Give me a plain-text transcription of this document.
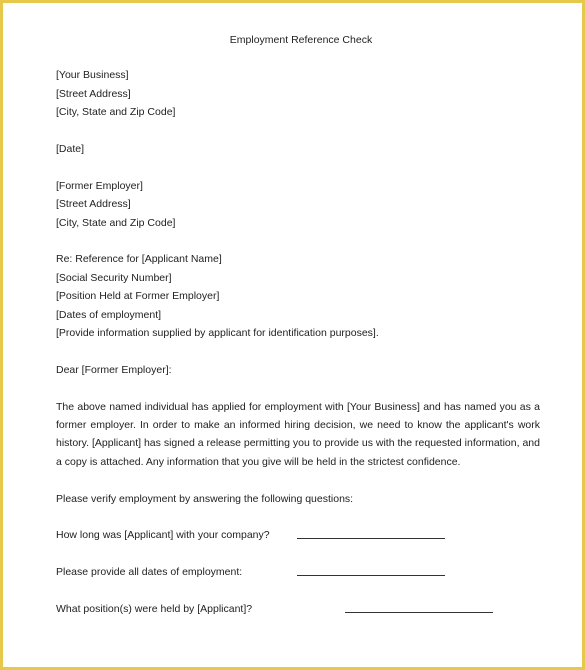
Employment Reference Check
[Your Business]
[Street Address]
[City, State and Zip Code]
[Date]
[Former Employer]
[Street Address]
[City, State and Zip Code]
Re: Reference for [Applicant Name]
[Social Security Number]
[Position Held at Former Employer]
[Dates of employment]
[Provide information supplied by applicant for identification purposes].
Dear [Former Employer]:
The above named individual has applied for employment with [Your Business] and has named you as a former employer. In order to make an informed hiring decision, we need to know the applicant's work history. [Applicant] has signed a release permitting you to provide us with the requested information, and a copy is attached. Any information that you give will be held in the strictest confidence.
Please verify employment by answering the following questions:
How long was [Applicant] with your company?
Please provide all dates of employment:
What position(s) were held by [Applicant]?
